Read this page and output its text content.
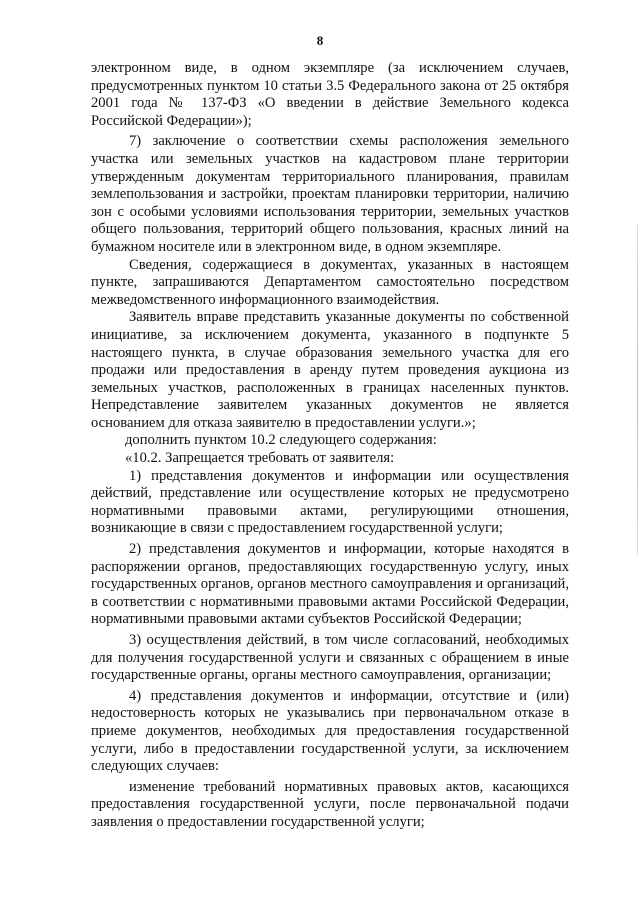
8

электронном виде, в одном экземпляре (за исключением случаев, предусмотренных пунктом 10 статьи 3.5 Федерального закона от 25 октября 2001 года № 137-ФЗ «О введении в действие Земельного кодекса Российской Федерации»);

7) заключение о соответствии схемы расположения земельного участка или земельных участков на кадастровом плане территории утвержденным документам территориального планирования, правилам землепользования и застройки, проектам планировки территории, наличию зон с особыми условиями использования территории, земельных участков общего пользования, территорий общего пользования, красных линий на бумажном носителе или в электронном виде, в одном экземпляре.

Сведения, содержащиеся в документах, указанных в настоящем пункте, запрашиваются Департаментом самостоятельно посредством межведомственного информационного взаимодействия.

Заявитель вправе представить указанные документы по собственной инициативе, за исключением документа, указанного в подпункте 5 настоящего пункта, в случае образования земельного участка для его продажи или предоставления в аренду путем проведения аукциона из земельных участков, расположенных в границах населенных пунктов. Непредставление заявителем указанных документов не является основанием для отказа заявителю в предоставлении услуги.»;

дополнить пунктом 10.2 следующего содержания:

«10.2. Запрещается требовать от заявителя:

1) представления документов и информации или осуществления действий, представление или осуществление которых не предусмотрено нормативными правовыми актами, регулирующими отношения, возникающие в связи с предоставлением государственной услуги;

2) представления документов и информации, которые находятся в распоряжении органов, предоставляющих государственную услугу, иных государственных органов, органов местного самоуправления и организаций, в соответствии с нормативными правовыми актами Российской Федерации, нормативными правовыми актами субъектов Российской Федерации;

3) осуществления действий, в том числе согласований, необходимых для получения государственной услуги и связанных с обращением в иные государственные органы, органы местного самоуправления, организации;

4) представления документов и информации, отсутствие и (или) недостоверность которых не указывались при первоначальном отказе в приеме документов, необходимых для предоставления государственной услуги, либо в предоставлении государственной услуги, за исключением следующих случаев:

изменение требований нормативных правовых актов, касающихся предоставления государственной услуги, после первоначальной подачи заявления о предоставлении государственной услуги;
